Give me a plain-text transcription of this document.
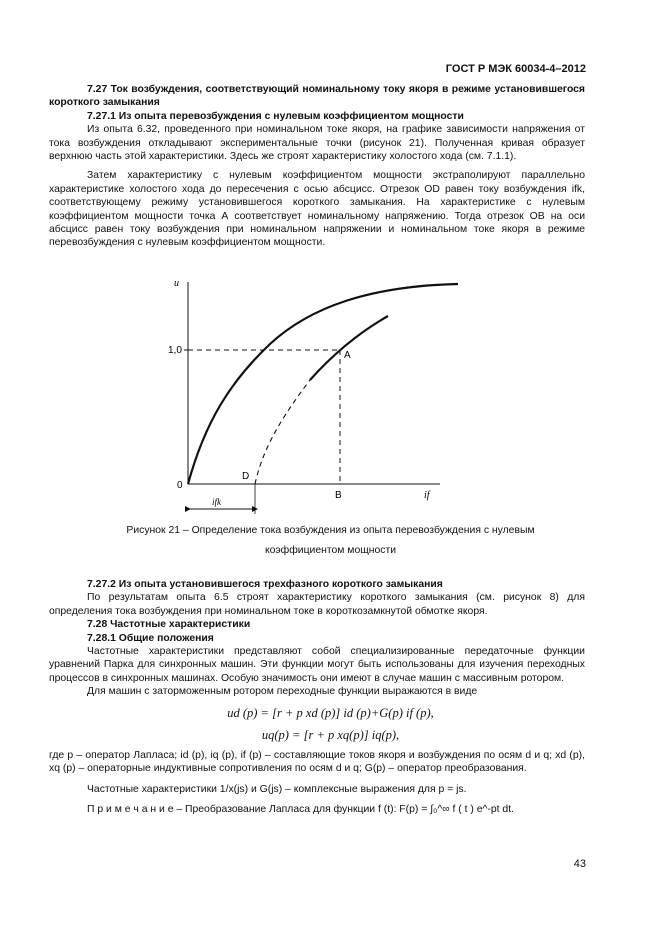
ГОСТ Р МЭК 60034-4–2012

7.27 Ток возбуждения, соответствующий номинальному току якоря в режиме установившегося короткого замыкания

7.27.1 Из опыта перевозбуждения с нулевым коэффициентом мощности

Из опыта 6.32, проведенного при номинальном токе якоря, на графике зависимости напряжения от тока возбуждения откладывают экспериментальные точки (рисунок 21). Полученная кривая образует верхнюю часть этой характеристики. Здесь же строят характеристику холостого хода (см. 7.1.1).

Затем характеристику с нулевым коэффициентом мощности экстраполируют параллельно характеристике холостого хода до пересечения с осью абсцисс. Отрезок OD равен току возбуждения ifk, соответствующему режиму установившегося короткого замыкания. На характеристике с нулевым коэффициентом мощности точка А соответствует номинальному напряжению. Тогда отрезок OB на оси абсцисс равен току возбуждения при номинальном напряжении и номинальном токе якоря в режиме перевозбуждения с нулевым коэффициентом мощности.

u
if
1,0
0
A
B
D
ifk
Рисунок 21 – Определение тока возбуждения из опыта перевозбуждения с нулевым
коэффициентом мощности

7.27.2 Из опыта установившегося трехфазного короткого замыкания

По результатам опыта 6.5 строят характеристику короткого замыкания (см. рисунок 8) для определения тока возбуждения при номинальном токе в короткозамкнутой обмотке якоря.

7.28 Частотные характеристики

7.28.1 Общие положения

Частотные характеристики представляют собой специализированные передаточные функции уравнений Парка для синхронных машин. Эти функции могут быть использованы для изучения переходных процессов в синхронных машинах. Особую значимость они имеют в случае машин с массивным ротором.

Для машин с заторможенным ротором переходные функции выражаются в виде

ud (p) = [r + p xd (p)] id (p)+G(p) if (p),
uq(p) = [r + p xq(p)] iq(p),

где p – оператор Лапласа; id (p), iq (p), if (p) – составляющие токов якоря и возбуждения по осям d и q; xd (p), xq (p) – операторные индуктивные сопротивления по осям d и q; G(p) – оператор преобразования.

Частотные характеристики 1/x(js) и G(js) – комплексные выражения для p = js.

П р и м е ч а н и е – Преобразование Лапласа для функции f (t): F(p) = ∫₀^∞ f ( t ) e^-pt dt.

43
